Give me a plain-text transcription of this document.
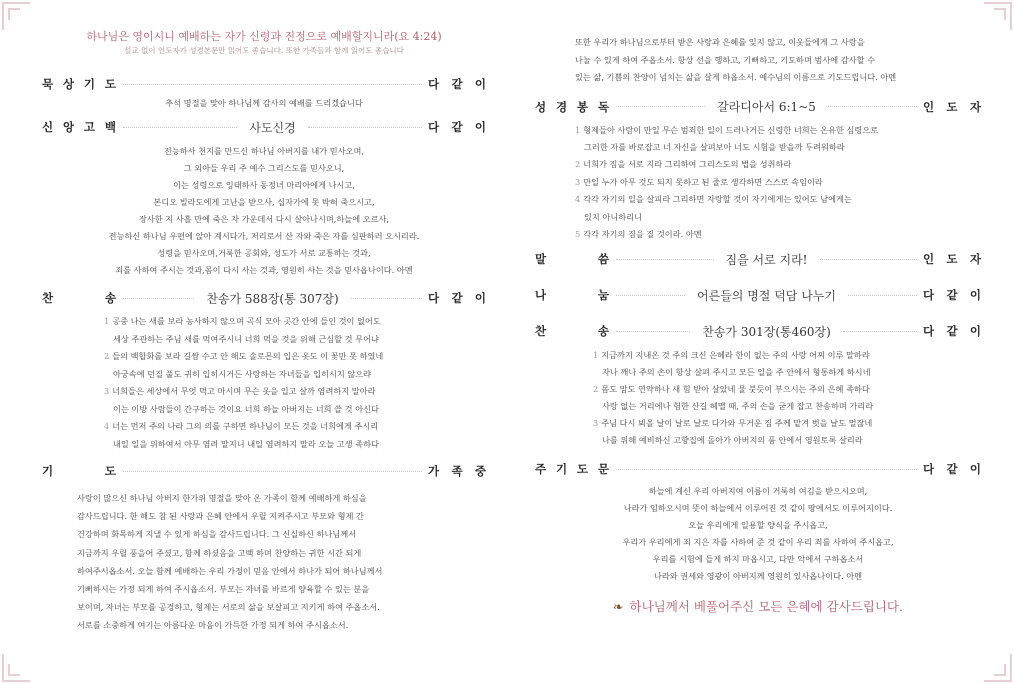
하나님은 영이시니 예배하는 자가 신령과 진정으로 예배할지니라(요 4:24)
설교 없이 인도자가 성경본문만 읽어도 좋습니다. 또한 가족들과 함께 읽어도 좋습니다
묵 상 기 도	다 같 이
추석 명절을 맞아 하나님께 감사의 예배를 드리겠습니다
신 앙 고 백	사도신경	다 같 이
전능하사 천지를 만드신 하나님 아버지를 내가 믿사오며,
그 외아들 우리 주 예수 그리스도를 믿사오니,
이는 성령으로 잉태하사 동정녀 마리아에게 나시고,
본디오 빌라도에게 고난을 받으사, 십자가에 못 박혀 죽으시고,
장사한 지 사흘 만에 죽은 자 가운데서 다시 살아나시며,하늘에 오르사,
전능하신 하나님 우편에 앉아 계시다가, 저리로서 산 자와 죽은 자를 심판하러 오시리라.
성령을 믿사오며,거룩한 공회와, 성도가 서로 교통하는 것과,
죄를 사하여 주시는 것과,몸이 다시 사는 것과, 영원히 사는 것을 믿사옵나이다. 아멘
찬	송	찬송가 588장(통 307장)	다 같 이
1 공중 나는 새를 보라 농사하지 않으며 곡식 모아 곳간 안에 들인 것이 없어도
세상 주관하는 주님 새를 먹여주시니 너희 먹을 것을 위해 근심할 것 무어냐
2 들의 백합화를 보라 길쌈 수고 안 해도 솔로몬의 입은 옷도 이 꽃만 못 하였네
아궁속에 던질 풀도 귀히 입히시거든 사랑하는 자녀들을 입히시지 않으랴
3 너희들은 세상에서 무엇 먹고 마시며 무슨 옷을 입고 살까 염려하지 말아라
이는 이방 사람들이 간구하는 것이요 너희 하늘 아버지는 너희 쓸 것 아신다
4 너는 먼저 주의 나라 그의 의를 구하면 하나님이 모든 것을 너희에게 주시리
내일 일을 위하여서 아무 염려 말지니 내일 염려하지 말라 오늘 고생 족하다
기	도	가 족 중
사랑이 많으신 하나님 아버지 한가위 명절을 맞아 온 가족이 함께 예배하게 하심을
감사드립니다. 한 해도 참 된 사랑과 은혜 안에서 우릴 지켜주시고 부모와 형제 간
건강하며 화목하게 지낼 수 있게 하심을 감사드립니다. 그 신실하신 하나님께서
지금까지 우릴 풍을어 주셨고, 함께 하셨음을 고백 하며 찬양하는 귀한 시간 되게
하여주시옵소서. 오늘 함께 예배하는 우리 가정이 믿음 안에서 하나가 되어 하나님께서
기뻐하시는 가정 되게 하여 주시옵소서. 부모는 자녀를 바르게 양육할 수 있는 분을
보이며, 자녀는 부모를 공경하고, 형제는 서로의 삶을 보살피고 지키게 하여 주옵소서.
서로를 소중하게 여기는 아름다운 마음이 가득한 가정 되게 하여 주시옵소서.
또한 우리가 하나님으로부터 받은 사랑과 은혜를 잊지 않고, 이웃들에게 그 사랑을
나눌 수 있게 하여 주옵소서. 항상 선을 행하고, 기뻐하고, 기도하며 범사에 감사할 수
있는 삶, 기쁨의 찬양이 넘치는 삶을 살게 하옵소서. 예수님의 이름으로 기도드립니다. 아멘
성 경 봉 독	갈라디아서 6:1~5	인 도 자
1 형제들아 사람이 만일 무슨 범죄한 일이 드러나거든 신령한 너희는 온유한 심령으로
그러한 자를 바로잡고 너 자신을 살펴보아 너도 시험을 받을까 두려워하라
2 너희가 짐을 서로 지라 그리하여 그리스도의 법을 성취하라
3 만일 누가 아무 것도 되지 못하고 된 줄로 생각하면 스스로 속임이라
4 각각 자기의 일을 살피라 그리하면 자랑할 것이 자기에게는 있어도 남에게는
있지 아니하리니
5 각각 자기의 짐을 질 것이라. 아멘
말	씀	짐을 서로 지라!	인 도 자
나	눔	어른들의 명절 덕담 나누기	다 같 이
찬	송	찬송가 301장(통460장)	다 같 이
1 지금까지 지내온 것 주의 크신 은혜라 한이 없는 주의 사랑 어찌 이루 말하랴
자나 깨나 주의 손이 항상 살펴 주시고 모든 일을 주 안에서 형통하게 하시네
2 몸도 맘도 연약하나 새 힘 받아 살았네 물 붓듯이 부으시는 주의 은혜 족하다
사랑 없는 거리에나 험한 산길 헤맬 때, 주의 손을 굳게 잡고 찬송하며 가리라
3 주님 다시 뵈올 날이 날로 날로 다가와 무거운 짐 주께 맡겨 벗을 날도 멀잖네
나를 위해 예비하신 고향집에 돌아가 아버지의 품 안에서 영원토록 살리라
주 기 도 문	다 같 이
하늘에 계신 우리 아버지여 이름이 거룩히 여김을 받으시오며,
나라가 임하오시며 뜻이 하늘에서 이루어진 것 같이 땅에서도 이루어지이다.
오늘 우리에게 일용할 양식을 주시옵고,
우리가 우리에게 죄 지은 자를 사하여 준 것 같이 우리 죄를 사하여 주시옵고,
우리를 시험에 들게 하지 마옵시고, 다만 악에서 구하옵소서
나라와 권세와 영광이 아버지께 영원히 있사옵나이다. 아멘
❧ 하나님께서 베풀어주신 모든 은혜에 감사드립니다.
